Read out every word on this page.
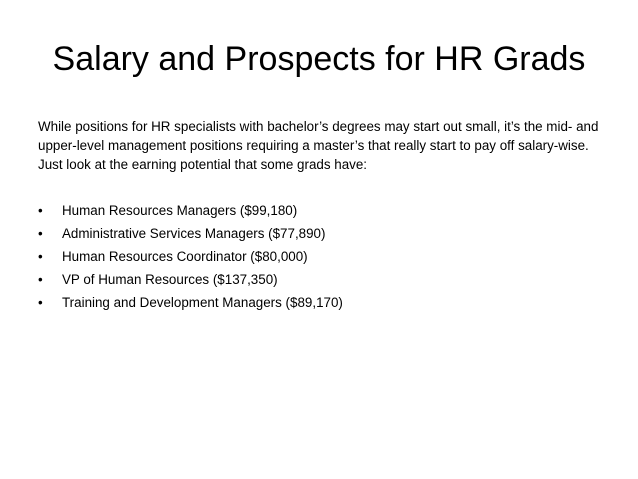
Salary and Prospects for HR Grads

While positions for HR specialists with bachelor’s degrees may start out small, it’s the mid- and upper-level management positions requiring a master’s that really start to pay off salary-wise. Just look at the earning potential that some grads have:

•	Human Resources Managers ($99,180)
•	Administrative Services Managers ($77,890)
•	Human Resources Coordinator ($80,000)
•	VP of Human Resources ($137,350)
•	Training and Development Managers ($89,170)
